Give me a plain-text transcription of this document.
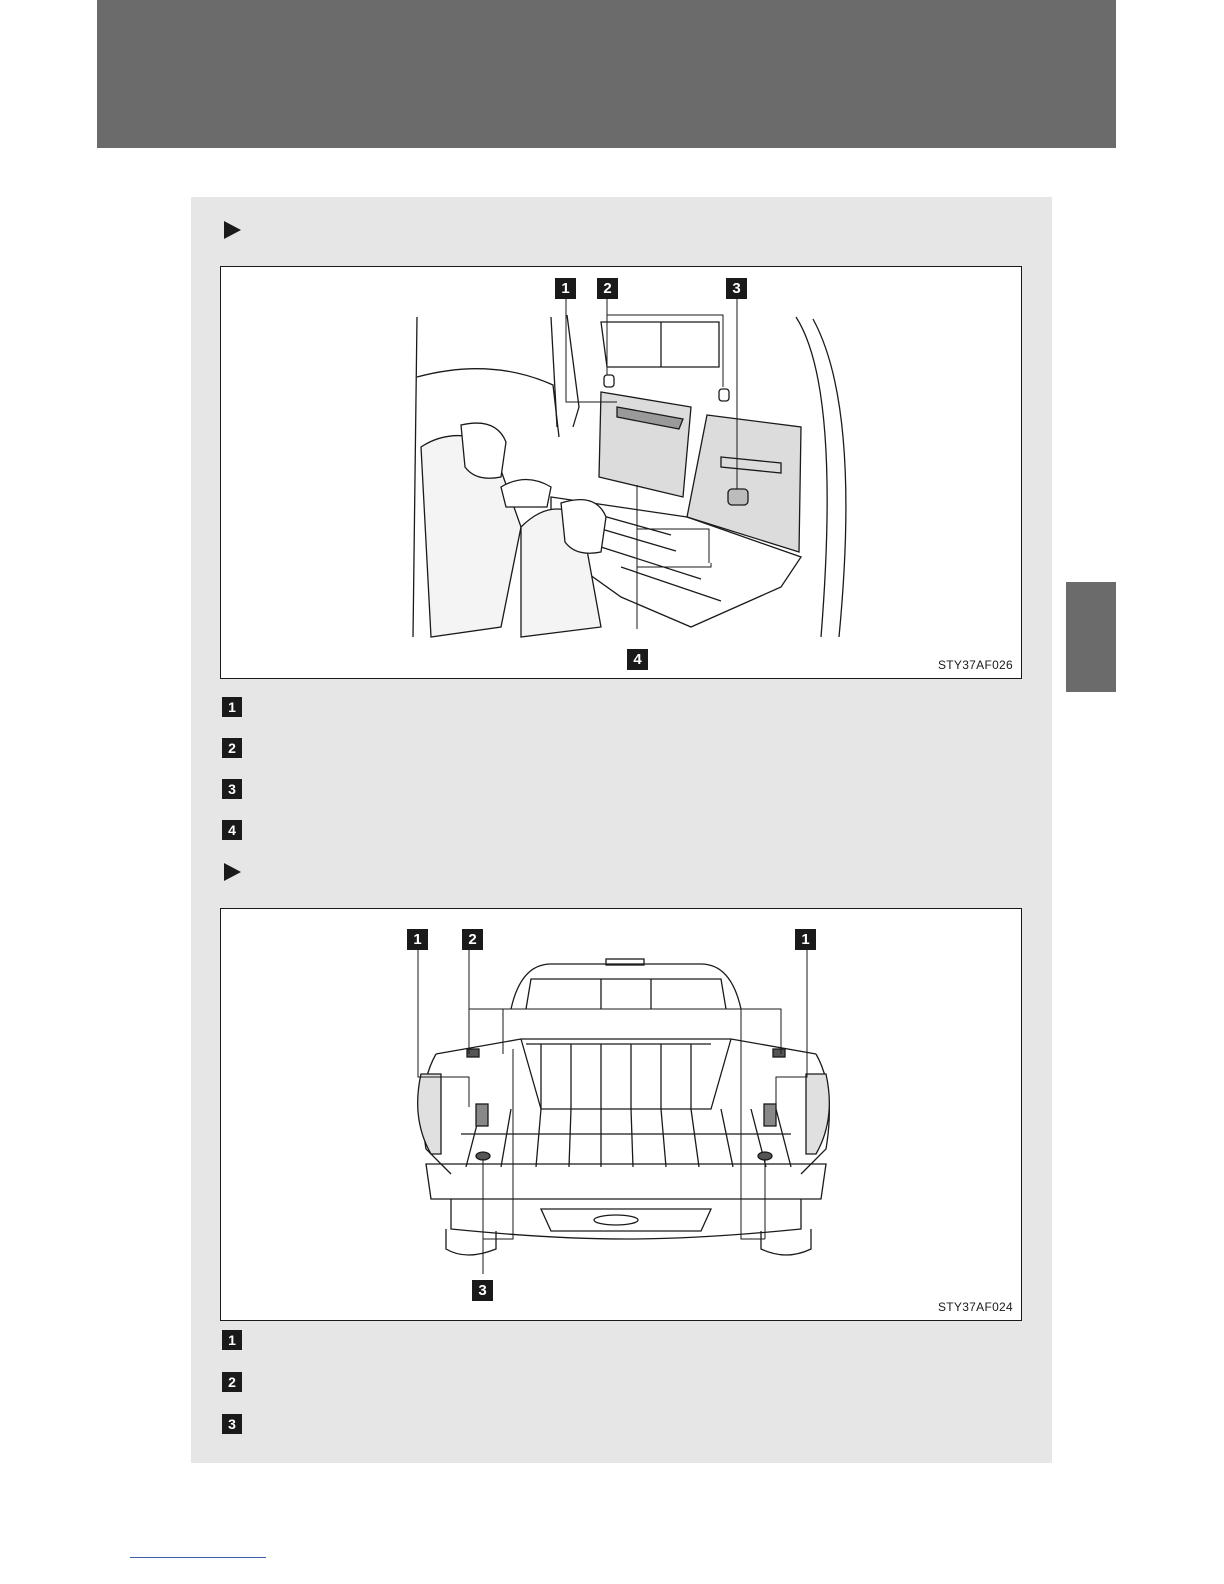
1	2	3
4	STY37AF026
1
2
3
4
1	2	1
3
STY37AF024
1
2
3
